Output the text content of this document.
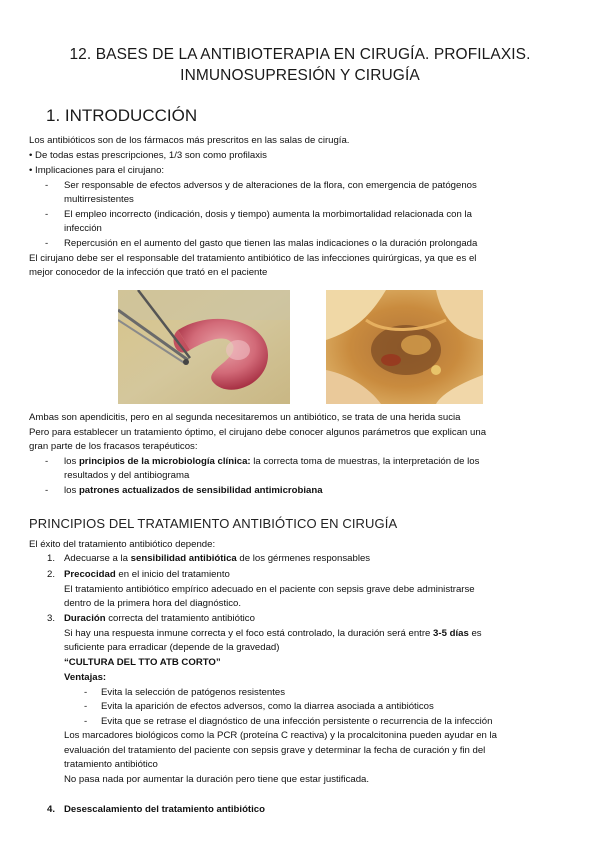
12. BASES DE LA ANTIBIOTERAPIA EN CIRUGÍA. PROFILAXIS.
INMUNOSUPRESIÓN Y CIRUGÍA
1. INTRODUCCIÓN
Los antibióticos son de los fármacos más prescritos en las salas de cirugía.
• De todas estas prescripciones, 1/3 son como profilaxis
• Implicaciones para el cirujano:
- Ser responsable de efectos adversos y de alteraciones de la flora, con emergencia de patógenos
multirresistentes
- El empleo incorrecto (indicación, dosis y tiempo) aumenta la morbimortalidad relacionada con la
infección
- Repercusión en el aumento del gasto que tienen las malas indicaciones o la duración prolongada
El cirujano debe ser el responsable del tratamiento antibiótico de las infecciones quirúrgicas, ya que es el
mejor conocedor de la infección que trató en el paciente
Ambas son apendicitis, pero en al segunda necesitaremos un antibiótico, se trata de una herida sucia
Pero para establecer un tratamiento óptimo, el cirujano debe conocer algunos parámetros que explican una
gran parte de los fracasos terapéuticos:
- los principios de la microbiología clínica: la correcta toma de muestras, la interpretación de los
resultados y del antibiograma
- los patrones actualizados de sensibilidad antimicrobiana
PRINCIPIOS DEL TRATAMIENTO ANTIBIÓTICO EN CIRUGÍA
El éxito del tratamiento antibiótico depende:
1. Adecuarse a la sensibilidad antibiótica de los gérmenes responsables
2. Precocidad en el inicio del tratamiento
El tratamiento antibiótico empírico adecuado en el paciente con sepsis grave debe administrarse
dentro de la primera hora del diagnóstico.
3. Duración correcta del tratamiento antibiótico
Si hay una respuesta inmune correcta y el foco está controlado, la duración será entre 3-5 días es
suficiente para erradicar (depende de la gravedad)
“CULTURA DEL TTO ATB CORTO”
Ventajas:
- Evita la selección de patógenos resistentes
- Evita la aparición de efectos adversos, como la diarrea asociada a antibióticos
- Evita que se retrase el diagnóstico de una infección persistente o recurrencia de la infección
Los marcadores biológicos como la PCR (proteína C reactiva) y la procalcitonina pueden ayudar en la
evaluación del tratamiento del paciente con sepsis grave y determinar la fecha de curación y fin del
tratamiento antibiótico
No pasa nada por aumentar la duración pero tiene que estar justificada.
4. Desescalamiento del tratamiento antibiótico
